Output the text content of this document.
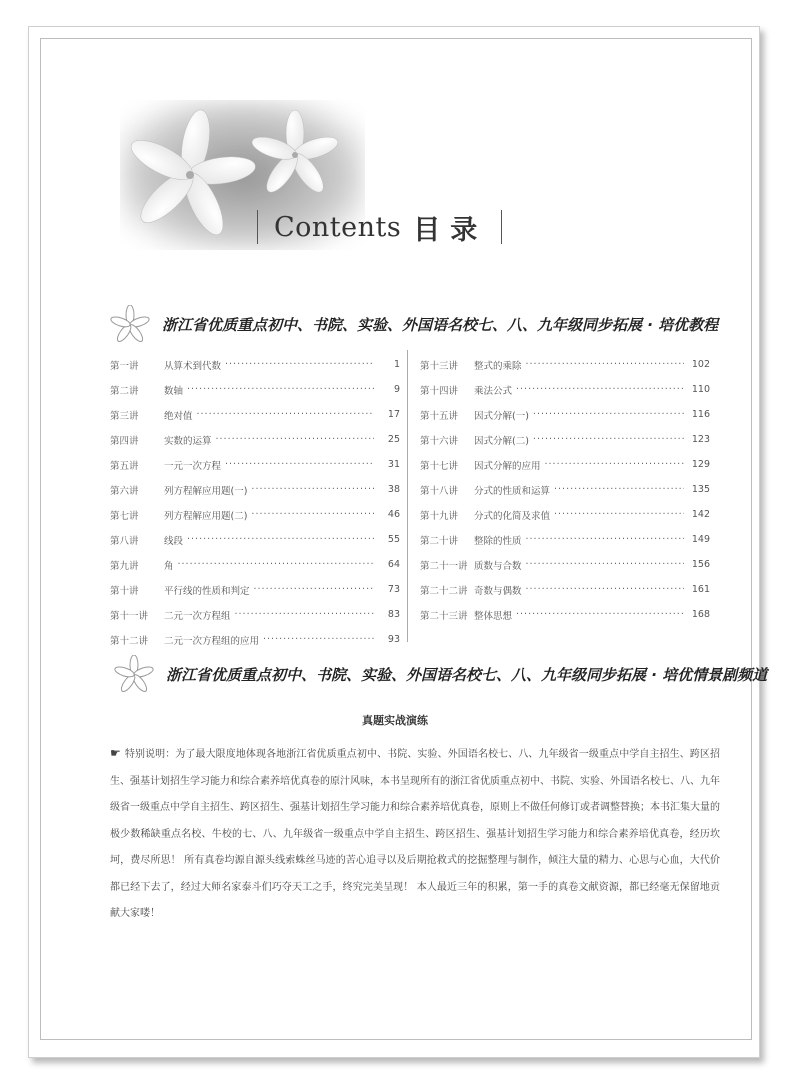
Contents 目录
浙江省优质重点初中、书院、实验、外国语名校七、八、九年级同步拓展 · 培优教程
第一讲	从算术到代数 ·····	1
第二讲	数轴 ·····	9
第三讲	绝对值 ·····	17
第四讲	实数的运算 ·····	25
第五讲	一元一次方程 ·····	31
第六讲	列方程解应用题(一) ·····	38
第七讲	列方程解应用题(二) ·····	46
第八讲	线段 ·····	55
第九讲	角 ·····	64
第十讲	平行线的性质和判定 ·····	73
第十一讲	二元一次方程组 ·····	83
第十二讲	二元一次方程组的应用 ·····	93
第十三讲	整式的乘除 ·····	102
第十四讲	乘法公式 ·····	110
第十五讲	因式分解(一) ·····	116
第十六讲	因式分解(二) ·····	123
第十七讲	因式分解的应用 ·····	129
第十八讲	分式的性质和运算 ·····	135
第十九讲	分式的化简及求值 ·····	142
第二十讲	整除的性质 ·····	149
第二十一讲 质数与合数 ·····	156
第二十二讲 奇数与偶数 ·····	161
第二十三讲 整体思想 ·····	168
浙江省优质重点初中、书院、实验、外国语名校七、八、九年级同步拓展 · 培优情景剧频道
真题实战演练
☛ 特别说明：为了最大限度地体现各地浙江省优质重点初中、书院、实验、外国语名校七、八、九年级省一级重点中学自主招生、跨区招生、强基计划招生学习能力和综合素养培优真卷的原汁风味，本书呈现所有的浙江省优质重点初中、书院、实验、外国语名校七、八、九年级省一级重点中学自主招生、跨区招生、强基计划招生学习能力和综合素养培优真卷，原则上不做任何修订或者调整替换；本书汇集大量的极少数稀缺重点名校、牛校的七、八、九年级省一级重点中学自主招生、跨区招生、强基计划招生学习能力和综合素养培优真卷，经历坎坷，费尽所思！ 所有真卷均源自源头线索蛛丝马迹的苦心追寻以及后期抢救式的挖掘整理与制作，倾注大量的精力、心思与心血，大代价都已经下去了，经过大师名家泰斗们巧夺天工之手，终究完美呈现！ 本人最近三年的积累，第一手的真卷文献资源，都已经毫无保留地贡献大家喽！
